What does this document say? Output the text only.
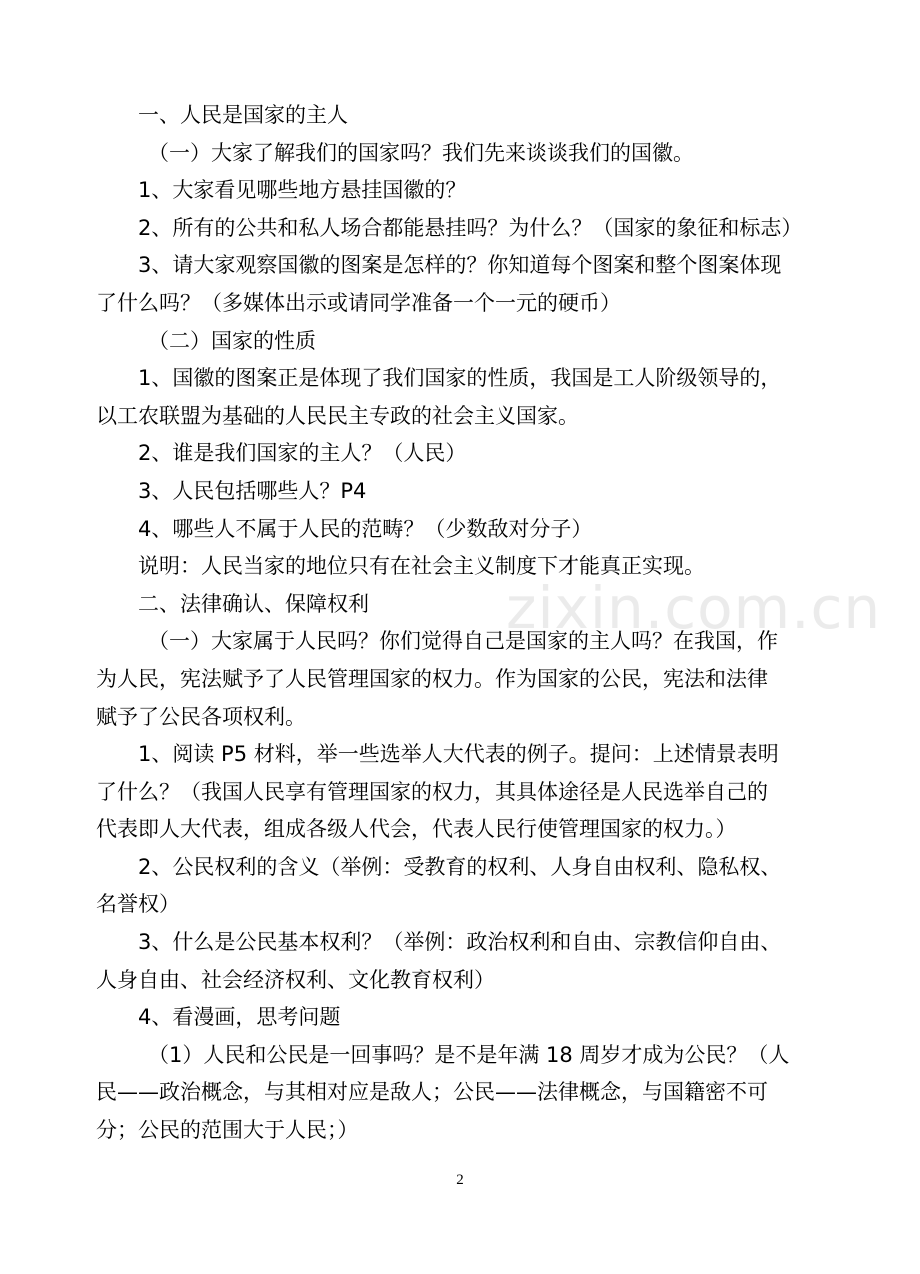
zixin.com.cn
一、人民是国家的主人
（一）大家了解我们的国家吗？我们先来谈谈我们的国徽。
1、大家看见哪些地方悬挂国徽的？
2、所有的公共和私人场合都能悬挂吗？为什么？（国家的象征和标志）
3、请大家观察国徽的图案是怎样的？你知道每个图案和整个图案体现
了什么吗？（多媒体出示或请同学准备一个一元的硬币）
（二）国家的性质
1、国徽的图案正是体现了我们国家的性质，我国是工人阶级领导的，
以工农联盟为基础的人民民主专政的社会主义国家。
2、谁是我们国家的主人？（人民）
3、人民包括哪些人？P4
4、哪些人不属于人民的范畴？（少数敌对分子）
说明：人民当家的地位只有在社会主义制度下才能真正实现。
二、法律确认、保障权利
（一）大家属于人民吗？你们觉得自己是国家的主人吗？在我国，作
为人民，宪法赋予了人民管理国家的权力。作为国家的公民，宪法和法律
赋予了公民各项权利。
1、阅读 P5 材料，举一些选举人大代表的例子。提问：上述情景表明
了什么？（我国人民享有管理国家的权力，其具体途径是人民选举自己的
代表即人大代表，组成各级人代会，代表人民行使管理国家的权力。）
2、公民权利的含义（举例：受教育的权利、人身自由权利、隐私权、
名誉权）
3、什么是公民基本权利？（举例：政治权利和自由、宗教信仰自由、
人身自由、社会经济权利、文化教育权利）
4、看漫画，思考问题
（1）人民和公民是一回事吗？是不是年满 18 周岁才成为公民？（人
民——政治概念，与其相对应是敌人；公民——法律概念，与国籍密不可
分；公民的范围大于人民；）
2
